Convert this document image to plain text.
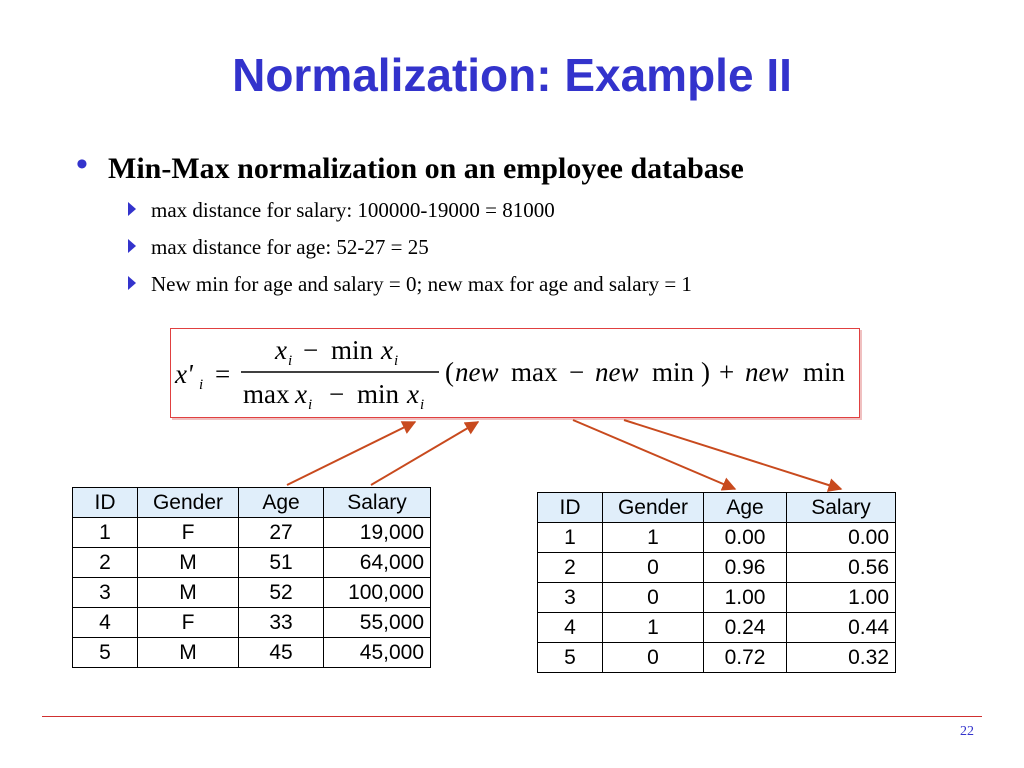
Normalization: Example II
• Min-Max normalization on an employee database
max distance for salary: 100000-19000 = 81000
max distance for age: 52-27 = 25
New min for age and salary = 0; new max for age and salary = 1
x' i =
x i − min x i
max x i − min x i
( new max − new min ) + new min
ID	Gender	Age	Salary
1	F	27	19,000
2	M	51	64,000
3	M	52	100,000
4	F	33	55,000
5	M	45	45,000
ID	Gender	Age	Salary
1	1	0.00	0.00
2	0	0.96	0.56
3	0	1.00	1.00
4	1	0.24	0.44
5	0	0.72	0.32
22
